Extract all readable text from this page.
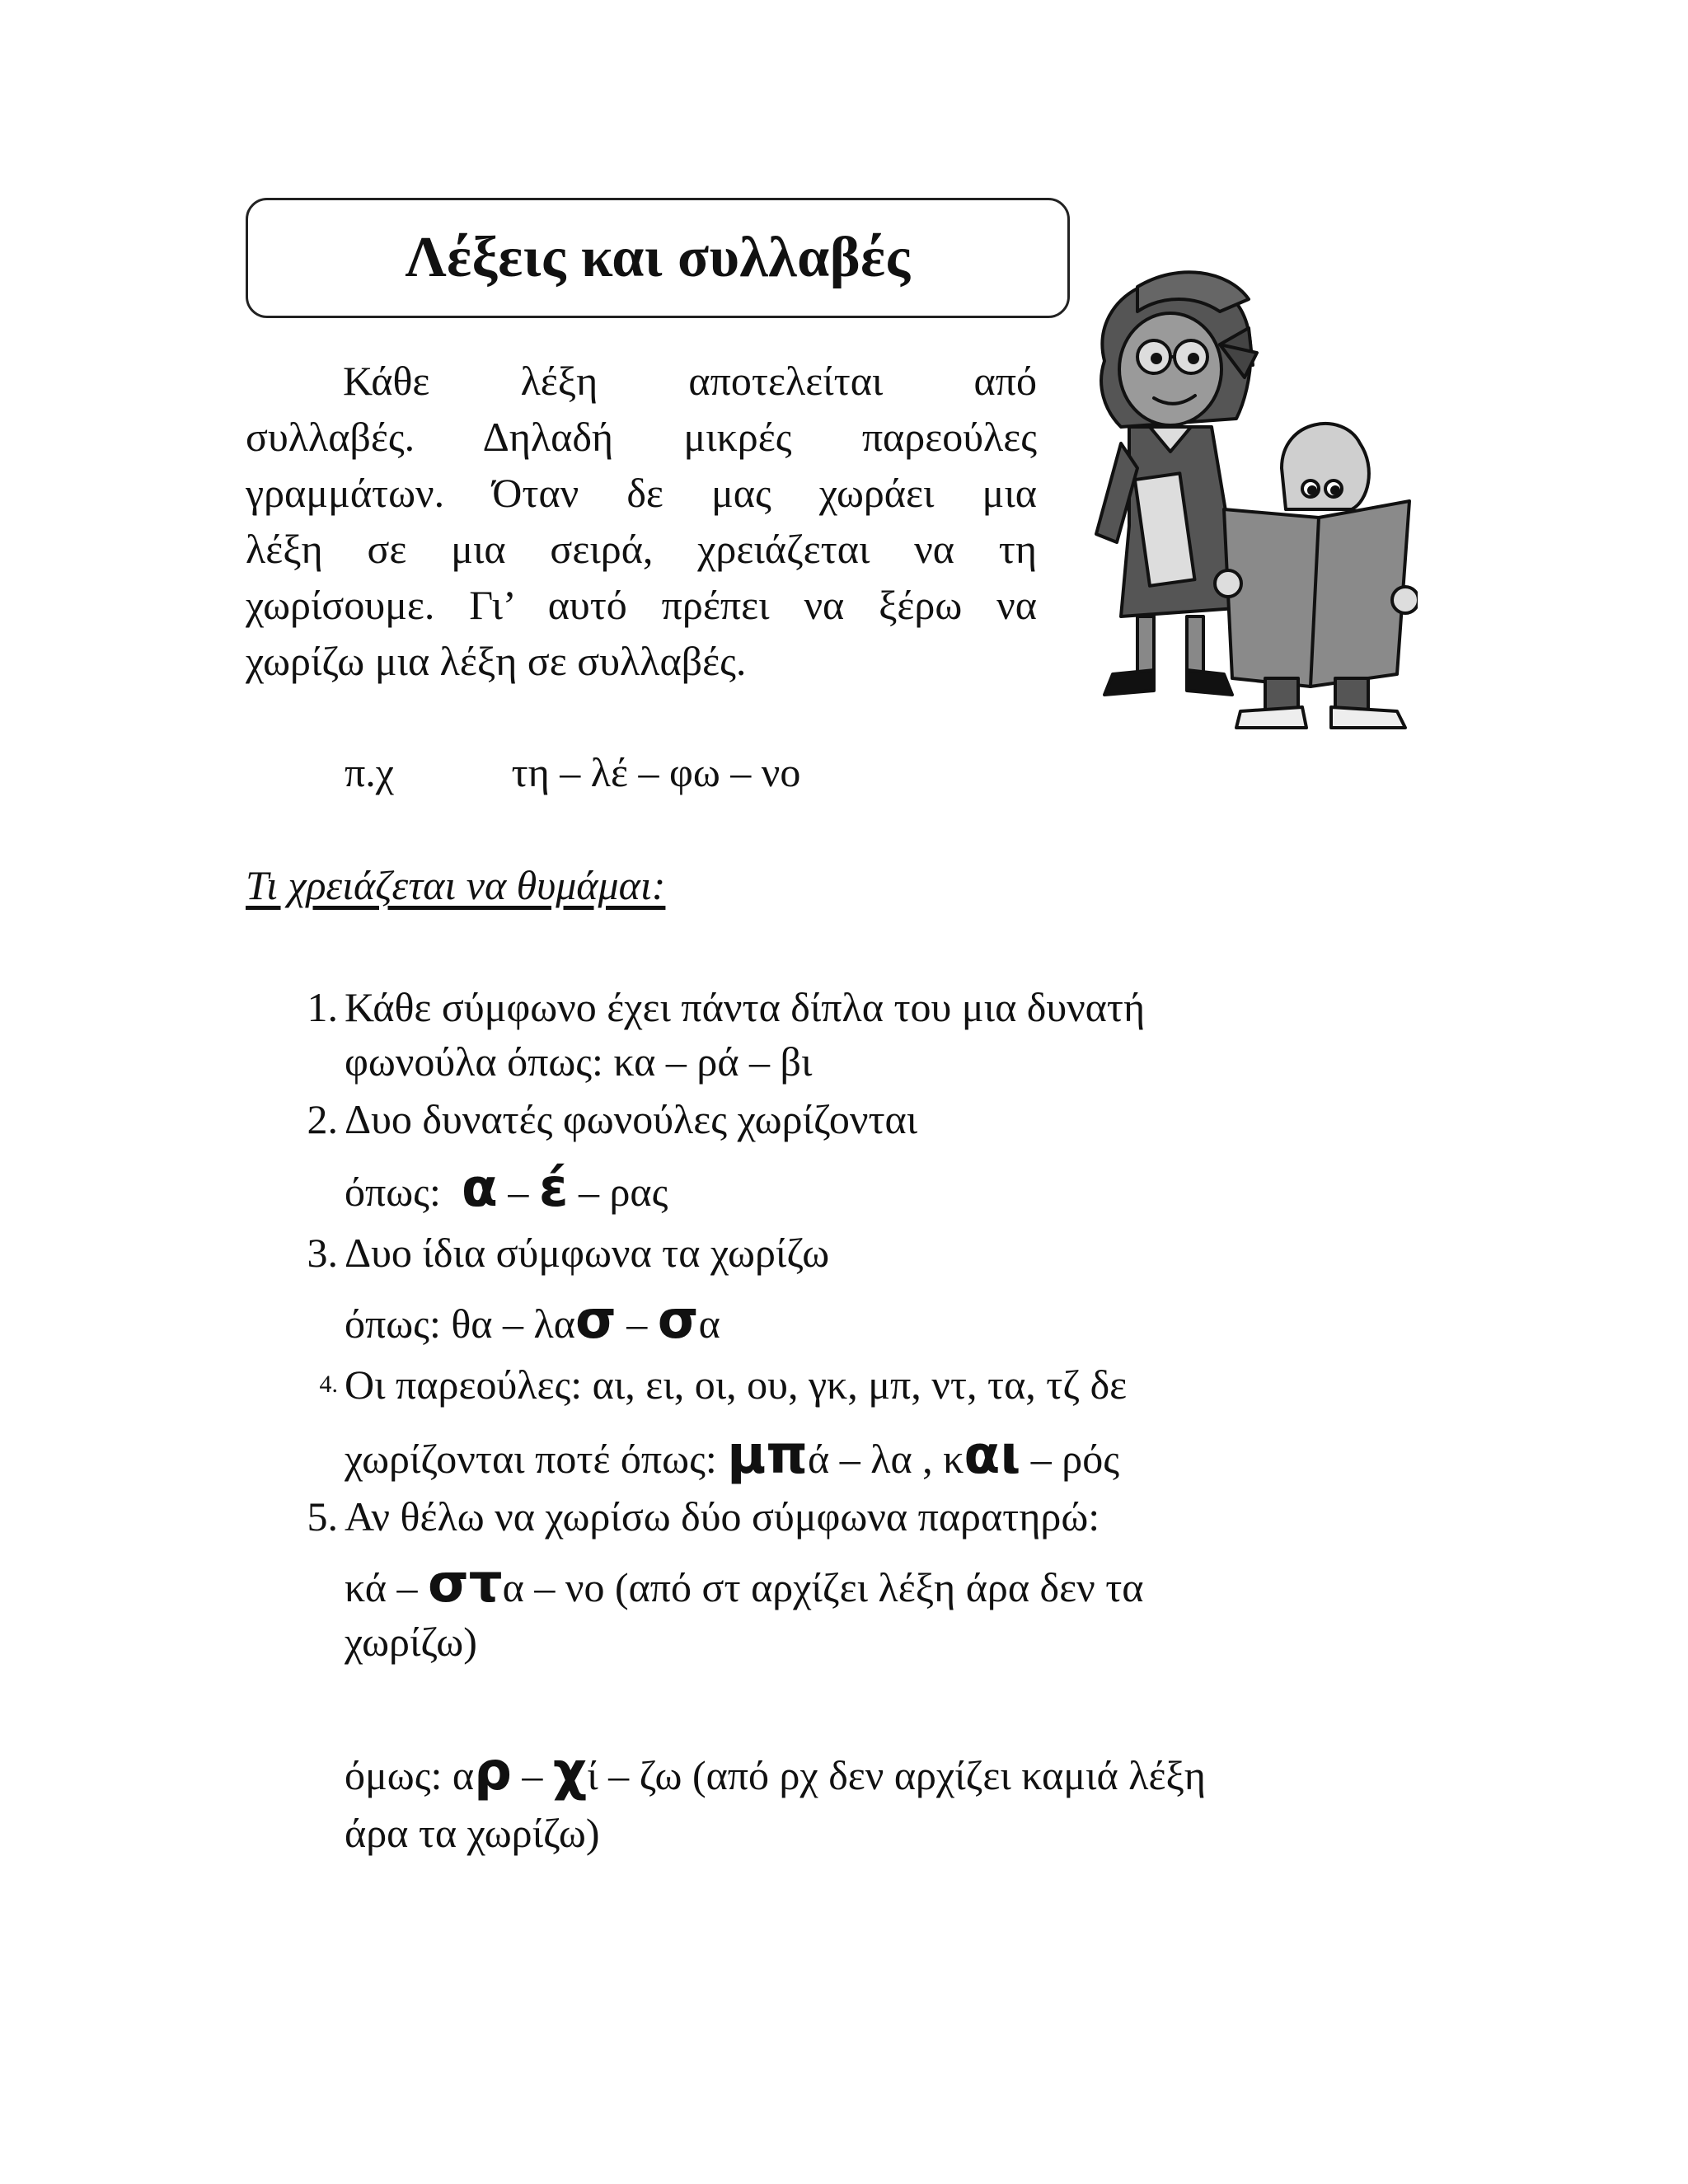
Λέξεις και συλλαβές

Κάθε λέξη αποτελείται από
συλλαβές. Δηλαδή μικρές παρεούλες
γραμμάτων. Όταν δε μας χωράει μια
λέξη σε μια σειρά, χρειάζεται να τη
χωρίσουμε. Γι’ αυτό πρέπει να ξέρω να
χωρίζω μια λέξη σε συλλαβές.

π.χ	τη – λέ – φω – νο
Τι χρειάζεται να θυμάμαι:
1. Κάθε σύμφωνο έχει πάντα δίπλα του μια δυνατή
φωνούλα όπως: κα – ρά – βι
2. Δυο δυνατές φωνούλες χωρίζονται
όπως: α – έ – ρας
3. Δυο ίδια σύμφωνα τα χωρίζω
όπως: θα – λασ – σα
4. Οι παρεούλες: αι, ει, οι, ου, γκ, μπ, ντ, τα, τζ δε
χωρίζονται ποτέ όπως: μπά – λα , και – ρός
5. Αν θέλω να χωρίσω δύο σύμφωνα παρατηρώ:
κά – στα – νο (από στ αρχίζει λέξη άρα δεν τα
χωρίζω)
όμως: αρ – χί – ζω (από ρχ δεν αρχίζει καμιά λέξη
άρα τα χωρίζω)
